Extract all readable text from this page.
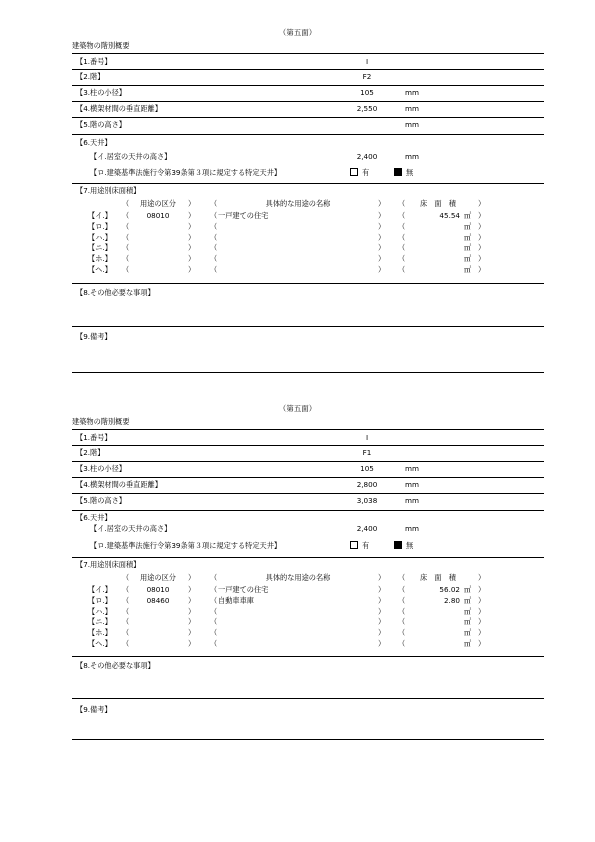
（第五面）
建築物の階別概要
【1.番号】	Ⅰ
【2.階】	F2
【3.柱の小径】	105	mm
【4.横架材間の垂直距離】	2,550	mm
【5.階の高さ】	mm
【6.天井】
【イ.居室の天井の高さ】	2,400	mm
【ロ.建築基準法施行令第39条第３項に規定する特定天井】	有	無
【7.用途別床面積】
（	用途の区分	） （	具体的な用途の名称	） （	床　面　積	）
【イ.】 （	08010	） （ 一戸建ての住宅	） （	45.54 ㎡ ）
【ロ.】 （	） （	） （	㎡ ）
【ハ.】 （	） （	） （	㎡ ）
【ニ.】 （	） （	） （	㎡ ）
【ホ.】 （	） （	） （	㎡ ）
【ヘ.】 （	） （	） （	㎡ ）
【8.その他必要な事項】
【9.備考】
（第五面）
建築物の階別概要
【1.番号】	Ⅰ
【2.階】	F1
【3.柱の小径】	105	mm
【4.横架材間の垂直距離】	2,800	mm
【5.階の高さ】	3,038	mm
【6.天井】
【イ.居室の天井の高さ】	2,400	mm
【ロ.建築基準法施行令第39条第３項に規定する特定天井】	有	無
【7.用途別床面積】
（	用途の区分	） （	具体的な用途の名称	） （	床　面　積	）
【イ.】 （	08010	） （ 一戸建ての住宅	） （	56.02 ㎡ ）
【ロ.】 （	08460	） （ 自動車車庫	） （	2.80 ㎡ ）
【ハ.】 （	） （	） （	㎡ ）
【ニ.】 （	） （	） （	㎡ ）
【ホ.】 （	） （	） （	㎡ ）
【ヘ.】 （	） （	） （	㎡ ）
【8.その他必要な事項】
【9.備考】
